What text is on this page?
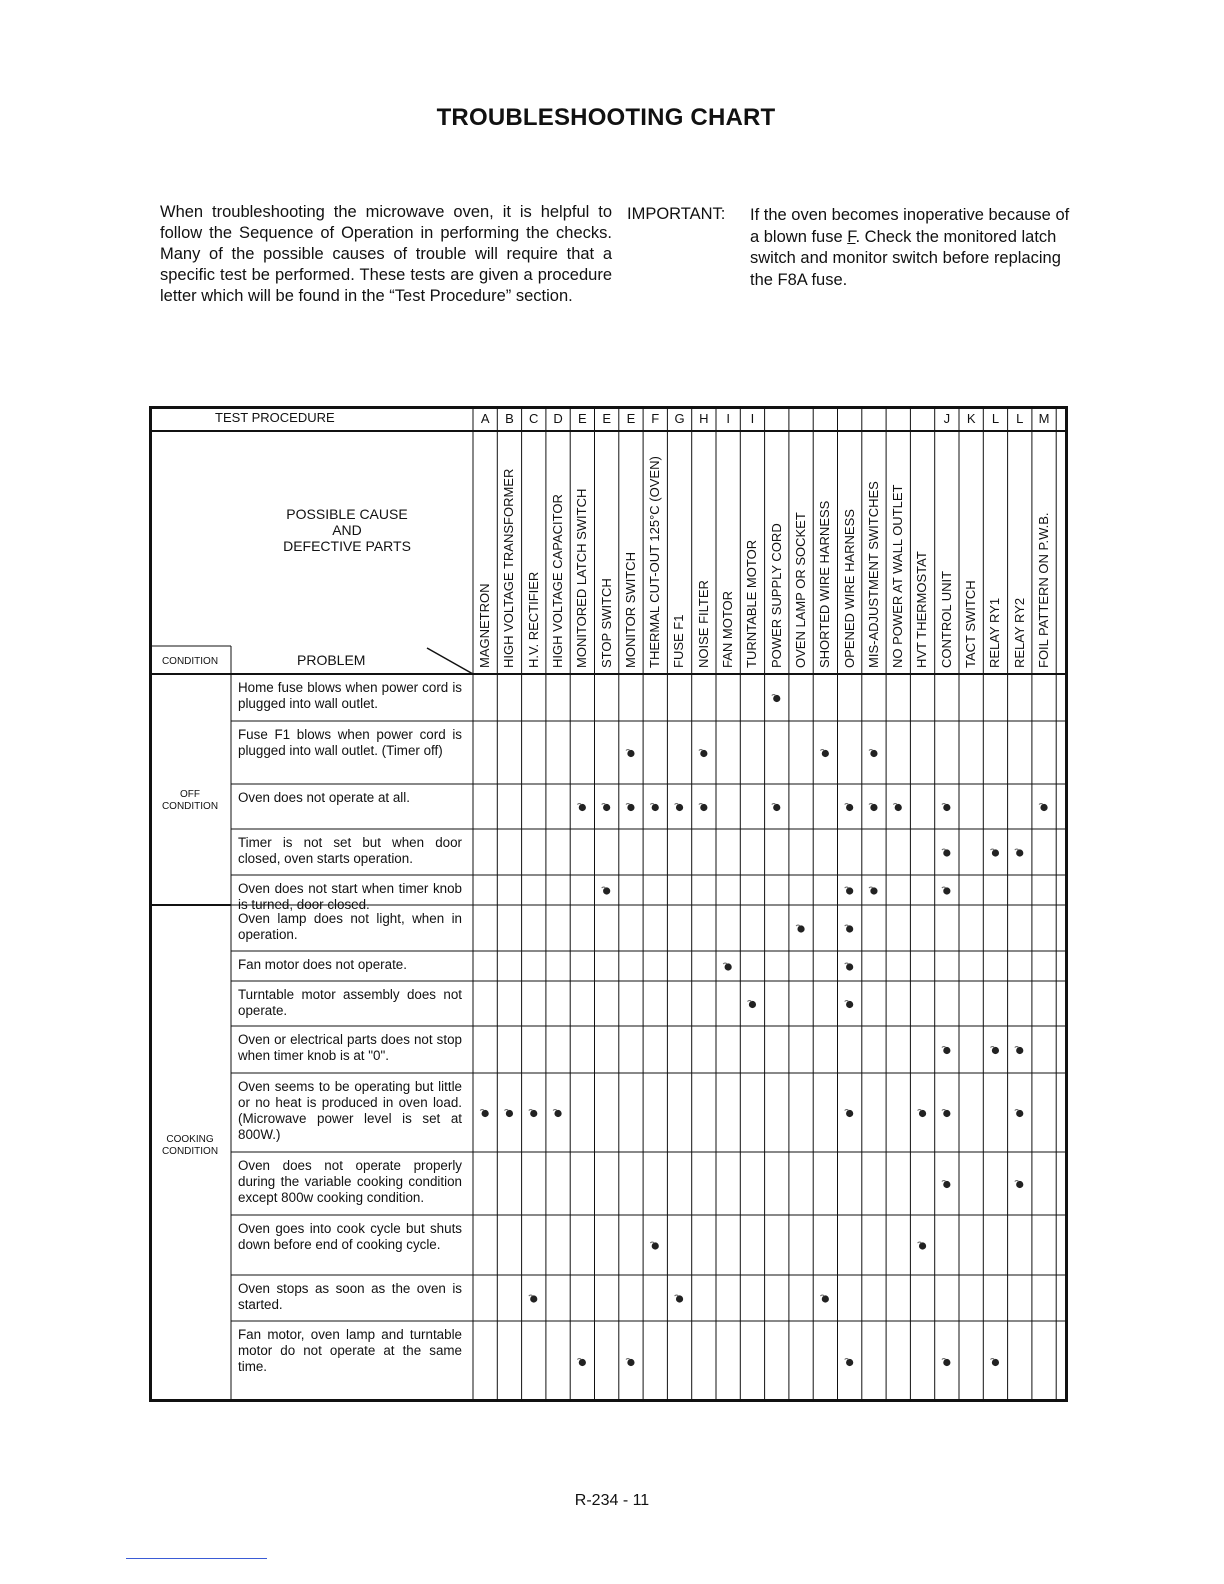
TROUBLESHOOTING CHART
When troubleshooting the microwave oven, it is helpful to follow the Sequence of Operation in performing the checks. Many of the possible causes of trouble will require that a specific test be performed. These tests are given a procedure letter which will be found in the “Test Procedure” section.
IMPORTANT: If the oven becomes inoperative because of a blown fuse F. Check the monitored latch switch and monitor switch before replacing the F8A fuse.
TEST PROCEDURE
POSSIBLE CAUSE
AND
DEFECTIVE PARTS
CONDITION	PROBLEM
A
MAGNETRON
B
HIGH VOLTAGE TRANSFORMER
C
H.V. RECTIFIER
D
HIGH VOLTAGE CAPACITOR
E
MONITORED LATCH SWITCH
E
STOP SWITCH
E
MONITOR SWITCH
F
THERMAL CUT-OUT 125°C (OVEN)
G
FUSE F1
H
NOISE FILTER
I
FAN MOTOR
I
TURNTABLE MOTOR POWER SUPPLY CORD OVEN LAMP OR SOCKET SHORTED WIRE HARNESS OPENED WIRE HARNESS MIS-ADJUSTMENT SWITCHES NO POWER AT WALL OUTLET HVT THERMOSTAT
J
CONTROL UNIT
K
TACT SWITCH
L
RELAY RY1
L
RELAY RY2
M
FOIL PATTERN ON P.W.B.
OFF
CONDITION
COOKING
CONDITION
Home fuse blows when power cord is plugged into wall outlet.
Fuse F1 blows when power cord is plugged into wall outlet. (Timer off)
Oven does not operate at all.
Timer is not set but when door closed, oven starts operation.
Oven does not start when timer knob is turned, door closed.
Oven lamp does not light, when in operation.
Fan motor does not operate.
Turntable motor assembly does not operate.
Oven or electrical parts does not stop when timer knob is at "0".
Oven seems to be operating but little or no heat is produced in oven load. (Microwave power level is set at 800W.)
Oven does not operate properly during the variable cooking condition except 800w cooking condition.
Oven goes into cook cycle but shuts down before end of cooking cycle.
Oven stops as soon as the oven is started.
Fan motor, oven lamp and turntable motor do not operate at the same time.
R-234 - 11
